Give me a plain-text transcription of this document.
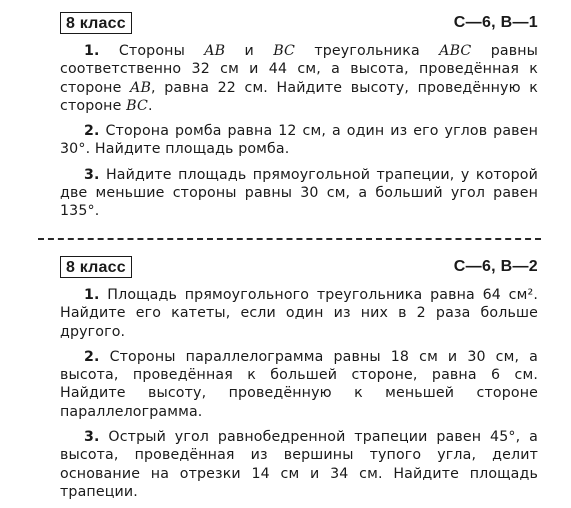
8 класс	С—6, В—1

1. Стороны AB и BC треугольника ABC равны соответственно 32 см и 44 см, а высота, проведённая к стороне AB, равна 22 см. Найдите высоту, проведённую к стороне BC.

2. Сторона ромба равна 12 см, а один из его углов равен 30°. Найдите площадь ромба.

3. Найдите площадь прямоугольной трапеции, у которой две меньшие стороны равны 30 см, а больший угол равен 135°.

8 класс	С—6, В—2

1. Площадь прямоугольного треугольника равна 64 см². Найдите его катеты, если один из них в 2 раза больше другого.

2. Стороны параллелограмма равны 18 см и 30 см, а высота, проведённая к большей стороне, равна 6 см. Найдите высоту, проведённую к меньшей стороне параллелограмма.

3. Острый угол равнобедренной трапеции равен 45°, а высота, проведённая из вершины тупого угла, делит основание на отрезки 14 см и 34 см. Найдите площадь трапеции.
